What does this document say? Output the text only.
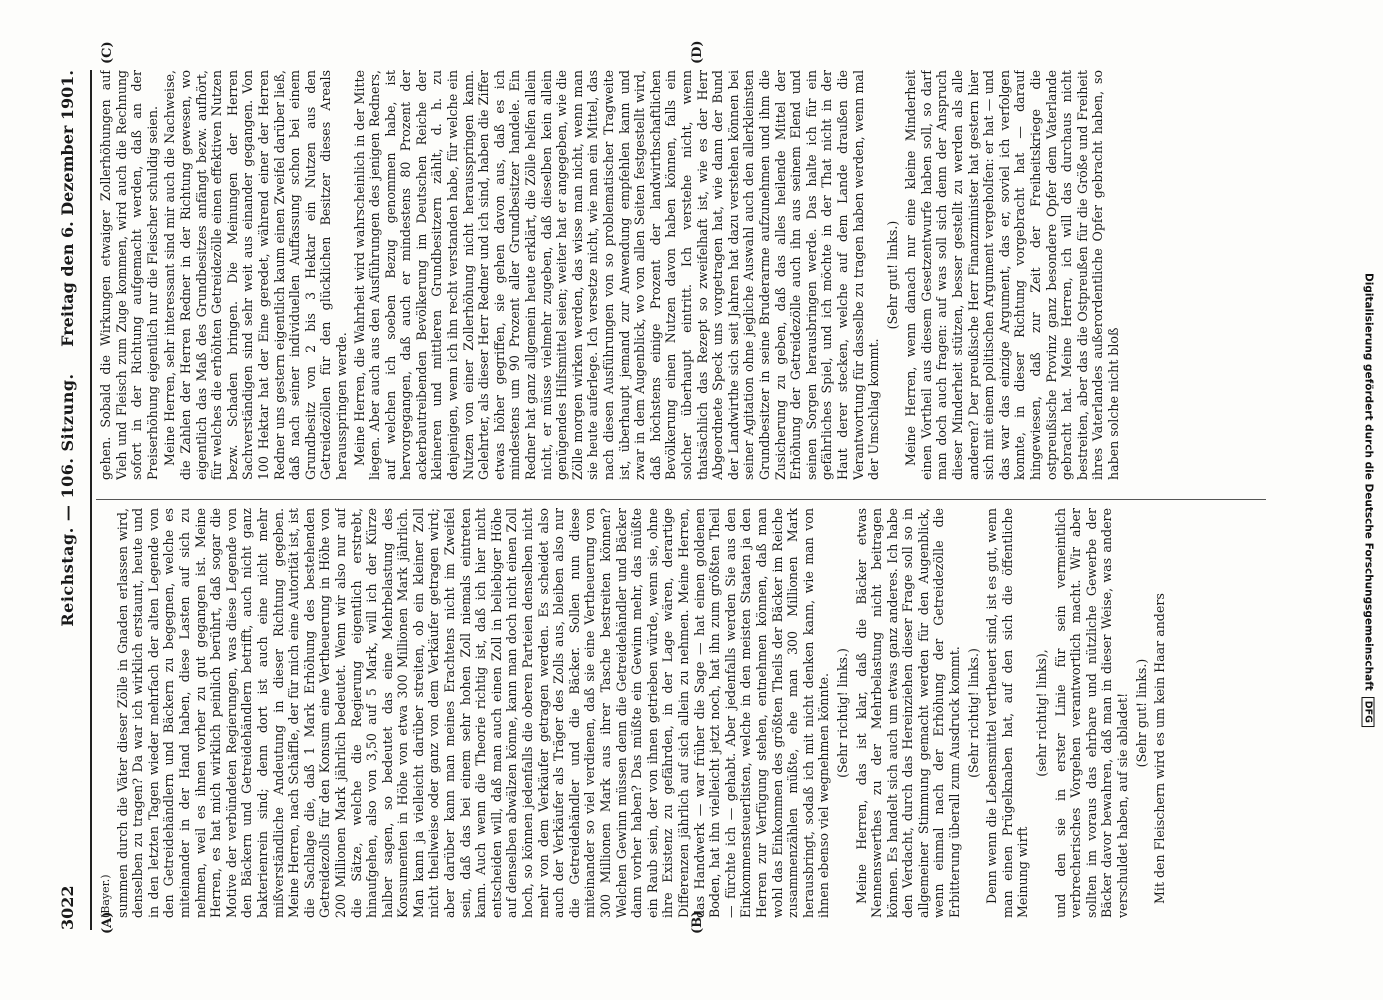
3022
Reichstag. — 106. Sitzung.
Freitag den 6. Dezember 1901.
(A)	(B)
(C)	(D)
(Bayer.) summen durch die Väter dieser Zölle in Gnaden erlassen wird, denselben zu tragen? Da war ich wirklich erstaunt, heute und in den letzten Tagen wieder mehrfach der alten Legende von den Getreidehändlern und Bäckern zu begegnen, welche es miteinander in der Hand haben, diese Lasten auf sich zu nehmen, weil es ihnen vorher zu gut gegangen ist. Meine Herren, es hat mich wirklich peinlich berührt, daß sogar die Motive der verbündeten Regierungen, was diese Legende von den Bäckern und Getreidehändlern betrifft, auch nicht ganz bakterienrein sind; denn dort ist auch eine nicht mehr mißverständliche Andeutung in dieser Richtung gegeben. Meine Herren, nach Schäffle, der für mich eine Autorität ist, ist die Sachlage die, daß 1 Mark Erhöhung des bestehenden Getreidezolls für den Konsum eine Vertheuerung in Höhe von 200 Millionen Mark jährlich bedeutet. Wenn wir also nur auf die Sätze, welche die Regierung eigentlich erstrebt, hinaufgehen, also von 3,50 auf 5 Mark, will ich der Kürze halber sagen, so bedeutet das eine Mehrbelastung des Konsumenten in Höhe von etwa 300 Millionen Mark jährlich. Man kann ja vielleicht darüber streiten, ob ein kleiner Zoll nicht theilweise oder ganz von dem Verkäufer getragen wird; aber darüber kann man meines Erachtens nicht im Zweifel sein, daß das bei einem sehr hohen Zoll niemals eintreten kann. Auch wenn die Theorie richtig ist, daß ich hier nicht entscheiden will, daß man auch einen Zoll in beliebiger Höhe auf denselben abwälzen könne, kann man doch nicht einen Zoll hoch, so können jedenfalls die oberen Parteien denselben nicht mehr von dem Verkäufer getragen werden. Es scheidet also auch der Verkäufer als Träger des Zolls aus, bleiben also nur die Getreidehändler und die Bäcker. Sollen nun diese miteinander so viel verdienen, daß sie eine Vertheuerung von 300 Millionen Mark aus ihrer Tasche bestreiten können? Welchen Gewinn müssen denn die Getreidehändler und Bäcker dann vorher haben? Das müßte ein Gewinn mehr, das müßte ein Raub sein, der von ihnen getrieben würde, wenn sie, ohne ihre Existenz zu gefährden, in der Lage wären, derartige Differenzen jährlich auf sich allein zu nehmen. Meine Herren, das Handwerk — war früher die Sage — hat einen goldenen Boden, hat ihn vielleicht jetzt noch, hat ihn zum größten Theil — fürchte ich — gehabt. Aber jedenfalls werden Sie aus den Einkommensteuerlisten, welche in den meisten Staaten ja den Herren zur Verfügung stehen, entnehmen können, daß man wohl das Einkommen des größten Theils der Bäcker im Reiche zusammenzählen müßte, ehe man 300 Millionen Mark herausbringt, sodaß ich mit nicht denken kann, wie man von ihnen ebenso viel wegnehmen könnte. (Sehr richtig! links.) Meine Herren, das ist klar, daß die Bäcker etwas Nennenswerthes zu der Mehrbelastung nicht beitragen können. Es handelt sich auch um etwas ganz anderes. Ich habe den Verdacht, durch das Hereinziehen dieser Frage soll so in allgemeiner Stimmung gemacht werden für den Augenblick, wenn einmal nach der Erhöhung der Getreidezölle die Erbitterung überall zum Ausdruck kommt. (Sehr richtig! links.) Denn wenn die Lebensmittel vertheuert sind, ist es gut, wenn man einen Prügelknaben hat, auf den sich die öffentliche Meinung wirft

(sehr richtig! links), und den sie in erster Linie für sein vermeintlich verbrecherisches Vorgehen verantwortlich macht. Wir aber sollten im voraus das ehrbare und nützliche Gewerbe der Bäcker davor bewahren, daß man in dieser Weise, was andere verschuldet haben, auf sie abladet! (Sehr gut! links.) Mit den Fleischern wird es um kein Haar anders

gehen. Sobald die Wirkungen etwaiger Zollerhöhungen auf Vieh und Fleisch zum Zuge kommen, wird auch die Rechnung sofort in der Richtung aufgemacht werden, daß an der Preiserhöhung eigentlich nur die Fleischer schuldig seien. Meine Herren, sehr interessant sind mir auch die Nachweise, die Zahlen der Herren Redner in der Richtung gewesen, wo eigentlich das Maß des Grundbesitzes anfängt bezw. aufhört, für welches die erhöhten Getreidezölle einen effektiven Nutzen bezw. Schaden bringen. Die Meinungen der Herren Sachverständigen sind sehr weit aus einander gegangen. Von 100 Hektar hat der Eine geredet, während einer der Herren Redner uns gestern eigentlich kaum einen Zweifel darüber ließ, daß nach seiner individuellen Auffassung schon bei einem Grundbesitz von 2 bis 3 Hektar ein Nutzen aus den Getreidezöllen für den glücklichen Besitzer dieses Areals herausspringen werde. Meine Herren, die Wahrheit wird wahrscheinlich in der Mitte liegen. Aber auch aus den Ausführungen des jenigen Redners, auf welchen ich soeben Bezug genommen habe, ist hervorgegangen, daß auch er mindestens 80 Prozent der ackerbautreibenden Bevölkerung im Deutschen Reiche der kleineren und mittleren Grundbesitzern zählt, d. h. zu denjenigen, wenn ich ihn recht verstanden habe, für welche ein Nutzen von einer Zollerhöhung nicht herausspringen kann. Gelehrter, als dieser Herr Redner und ich sind, haben die Ziffer etwas höher gegriffen, sie gehen davon aus, daß es ich mindestens um 90 Prozent aller Grundbesitzer handele. Ein Redner hat ganz allgemein heute erklärt, die Zölle helfen allein nicht, er müsse vielmehr zugeben, daß dieselben kein allein genügendes Hilfsmittel seien; weiter hat er angegeben, wie die Zölle morgen wirken werden, das wisse man nicht, wenn man sie heute auferlege. Ich versetze nicht, wie man ein Mittel, das nach diesen Ausführungen von so problematischer Tragweite ist, überhaupt jemand zur Anwendung empfehlen kann und zwar in dem Augenblick, wo von allen Seiten festgestellt wird, daß höchstens einige Prozent der landwirthschaftlichen Bevölkerung einen Nutzen davon haben können, falls ein solcher überhaupt eintritt. Ich verstehe nicht, wenn thatsächlich das Rezept so zweifelhaft ist, wie es der Herr Abgeordnete Speck uns vorgetragen hat, wie dann der Bund der Landwirthe sich seit Jahren hat dazu verstehen können bei seiner Agitation ohne jegliche Auswahl auch den allerkleinsten Grundbesitzer in seine Bruderarme aufzunehmen und ihm die Zusicherung zu geben, daß das alles heilende Mittel der Erhöhung der Getreidezölle auch ihn aus seinem Elend und seinen Sorgen herausbringen werde. Das halte ich für ein gefährliches Spiel, und ich möchte in der That nicht in der Haut derer stecken, welche auf dem Lande draußen die Verantwortung für dasselbe zu tragen haben werden, wenn mal der Umschlag kommt.

(Sehr gut! links.) Meine Herren, wenn danach nur eine kleine Minderheit einen Vortheil aus diesem Gesetzentwurfe haben soll, so darf man doch auch fragen: auf was soll sich denn der Anspruch dieser Minderheit stützen, besser gestellt zu werden als alle anderen? Der preußische Herr Finanzminister hat gestern hier sich mit einem politischen Argument vergeholfen: er hat — und das war das einzige Argument, das er, soviel ich verfolgen konnte, in dieser Richtung vorgebracht hat — darauf hingewiesen, daß zur Zeit der Freiheitskriege die ostpreußische Provinz ganz besondere Opfer dem Vaterlande gebracht hat. Meine Herren, ich will das durchaus nicht bestreiten, aber das die Ostpreußen für die Größe und Freiheit ihres Vaterlandes außerordentliche Opfer gebracht haben, so haben solche nicht bloß	Digitalisierung gefördert durch die Deutsche ForschungsgemeinschaftDFG
